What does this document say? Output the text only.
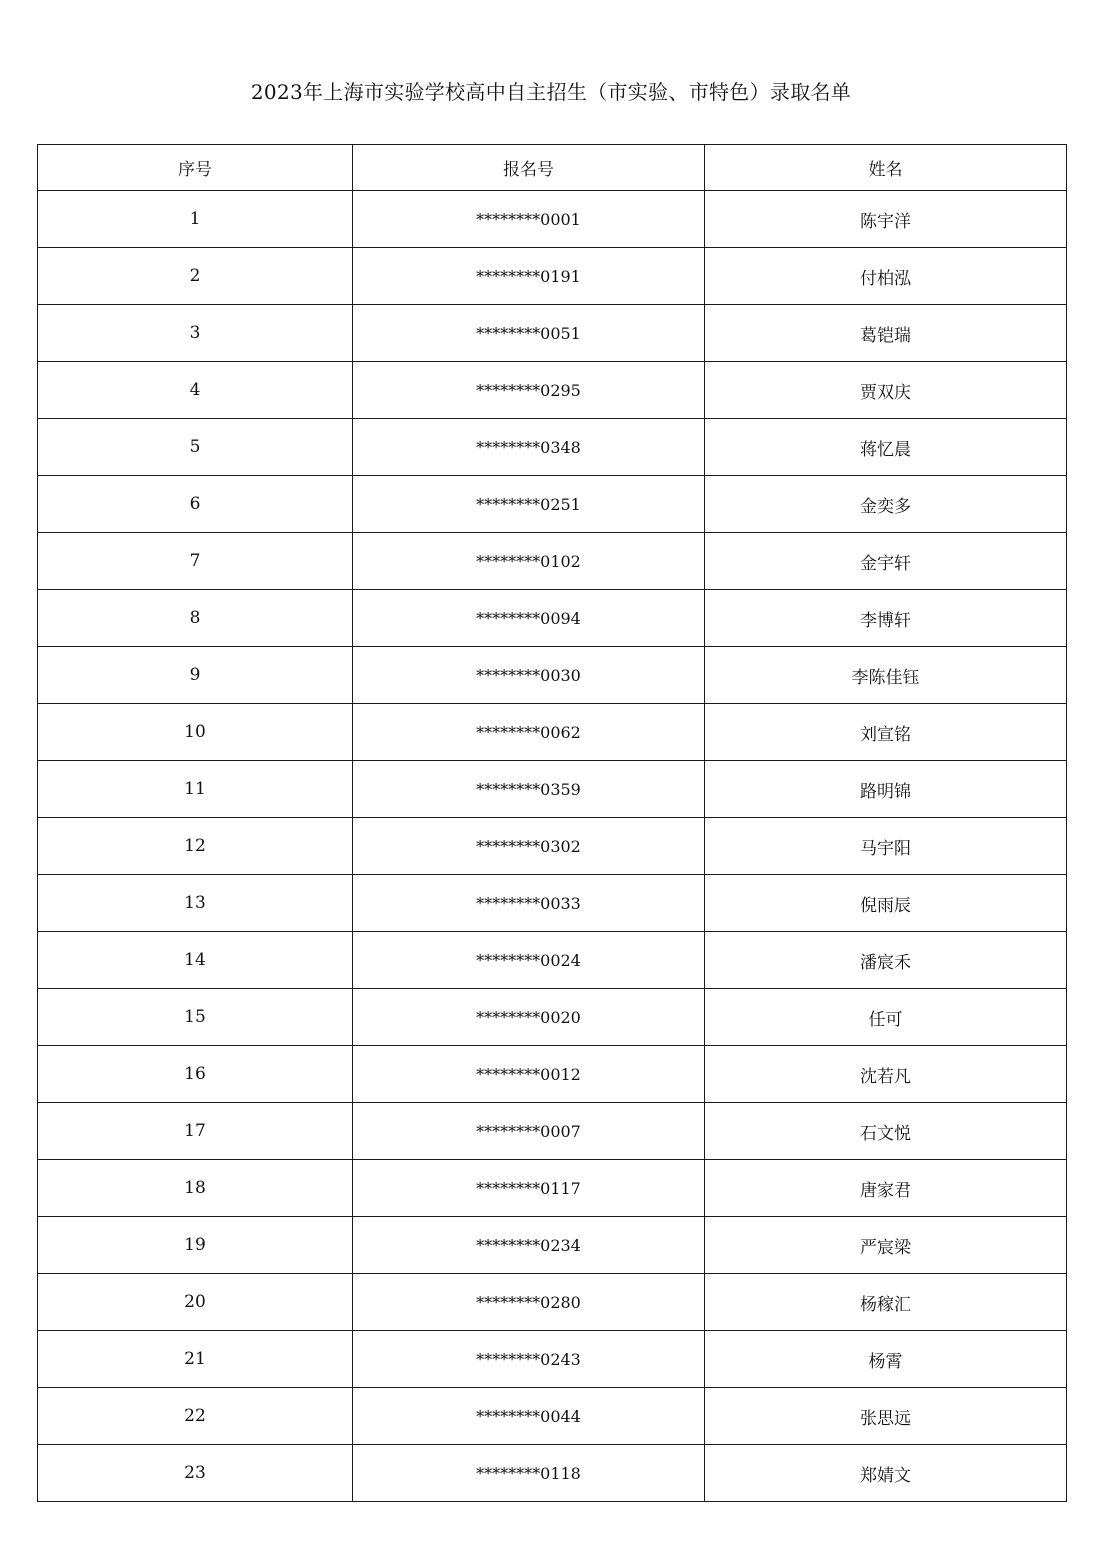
2023年上海市实验学校高中自主招生（市实验、市特色）录取名单
序号	报名号	姓名
1	********0001	陈宇洋
2	********0191	付柏泓
3	********0051	葛铠瑞
4	********0295	贾双庆
5	********0348	蒋忆晨
6	********0251	金奕多
7	********0102	金宇轩
8	********0094	李博轩
9	********0030	李陈佳钰
10	********0062	刘宣铭
11	********0359	路明锦
12	********0302	马宇阳
13	********0033	倪雨辰
14	********0024	潘宸禾
15	********0020	任可
16	********0012	沈若凡
17	********0007	石文悦
18	********0117	唐家君
19	********0234	严宸梁
20	********0280	杨稼汇
21	********0243	杨霄
22	********0044	张思远
23	********0118	郑婧文
